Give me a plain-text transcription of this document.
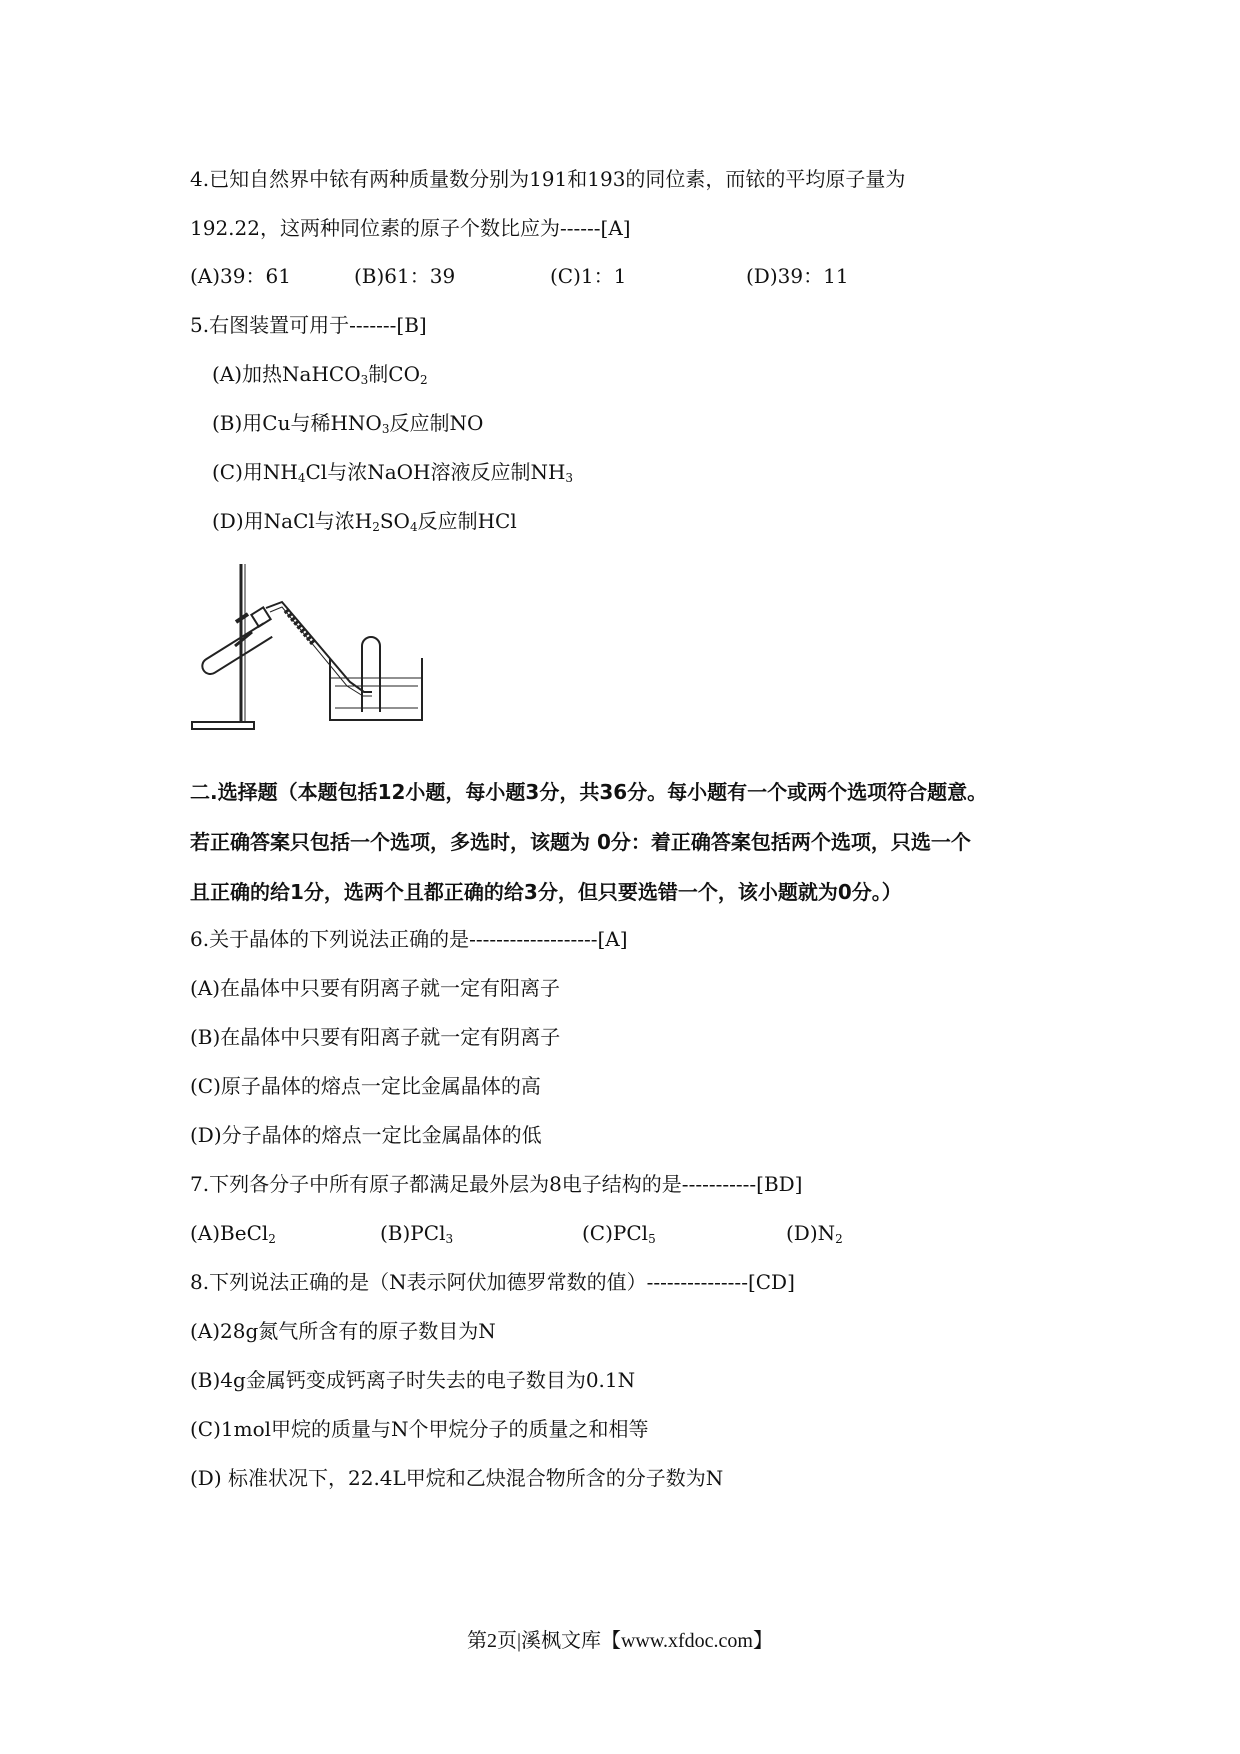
4.已知自然界中铱有两种质量数分别为191和193的同位素，而铱的平均原子量为
192.22，这两种同位素的原子个数比应为------[A]
(A)39：61	(B)61：39	(C)1：1	(D)39：11
5.右图装置可用于-------[B]
(A)加热NaHCO$_3$制$CO_2$
(B)用Cu与稀$HNO_3$反应制NO
(C)用$NH_4Cl$与浓NaOH溶液反应制$NH_3$
(D)用NaCl与浓$H_2SO_4$反应制HCl
二.选择题（本题包括12小题，每小题3分，共36分。每小题有一个或两个选项符合题意。
若正确答案只包括一个选项，多选时，该题为 0分：着正确答案包括两个选项，只选一个
且正确的给1分，选两个且都正确的给3分，但只要选错一个，该小题就为0分。）
6.关于晶体的下列说法正确的是-------------------[A]
(A)在晶体中只要有阴离子就一定有阳离子
(B)在晶体中只要有阳离子就一定有阴离子
(C)原子晶体的熔点一定比金属晶体的高
(D)分子晶体的熔点一定比金属晶体的低
7.下列各分子中所有原子都满足最外层为8电子结构的是-----------[BD]
(A)BeCl$_2$	(B)PCl$_3$	(C)PCl$_5$	$(D)N_2$
8.下列说法正确的是（N表示阿伏加德罗常数的值）---------------[CD]
(A)28g氮气所含有的原子数目为N
(B)4g金属钙变成钙离子时失去的电子数目为0.1N
(C)1mol甲烷的质量与N个甲烷分子的质量之和相等
(D) 标准状况下，22.4L甲烷和乙炔混合物所含的分子数为N
第2页|溪枫文库【www.xfdoc.com】
